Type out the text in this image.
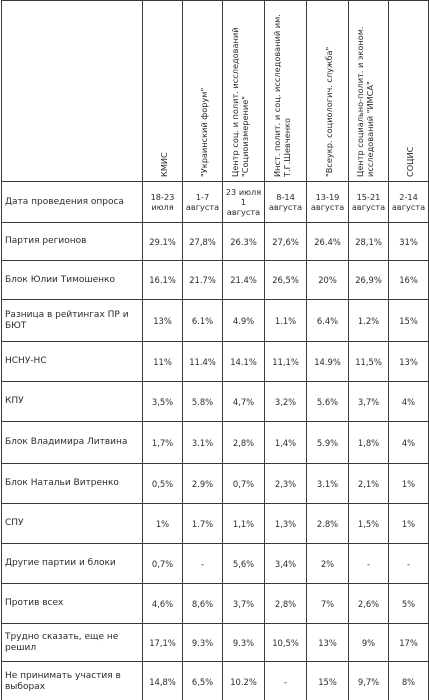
	КМИС	"Украинский форум"	Центр соц. и полит. исследований "Социоизмерение"	Инст. полит. и соц. исследований им. Т.Г.Шевченко	"Всеукр. социологич. служба"	Центр социально-полит. и эконом. исследований "ИМСА"	СОЦИС

Дата проведения опроса	18-23 июля	1-7 августа	23 июля 1 августа	8-14 августа	13-19 августа	15-21 августа	2-14 августа
Партия регионов	29.1%	27,8%	26.3%	27,6%	26.4%	28,1%	31%
Блок Юлии Тимошенко	16.1%	21.7%	21.4%	26,5%	20%	26,9%	16%
Разница в рейтингах ПР и БЮТ	13%	6.1%	4.9%	1.1%	6.4%	1.2%	15%
НСНУ-НС	11%	11.4%	14.1%	11,1%	14.9%	11,5%	13%
КПУ	3,5%	5.8%	4,7%	3,2%	5.6%	3,7%	4%
Блок Владимира Литвина	1,7%	3.1%	2,8%	1,4%	5.9%	1,8%	4%
Блок Натальи Витренко	0,5%	2.9%	0,7%	2,3%	3.1%	2,1%	1%
СПУ	1%	1.7%	1,1%	1,3%	2.8%	1,5%	1%
Другие партии и блоки	0,7%	-	5,6%	3,4%	2%	-	-
Против всех	4,6%	8,6%	3,7%	2,8%	7%	2,6%	5%
Трудно сказать, еще не решил	17,1%	9.3%	9.3%	10,5%	13%	9%	17%
Не принимать участия в выборах	14,8%	6,5%	10.2%	-	15%	9,7%	8%
